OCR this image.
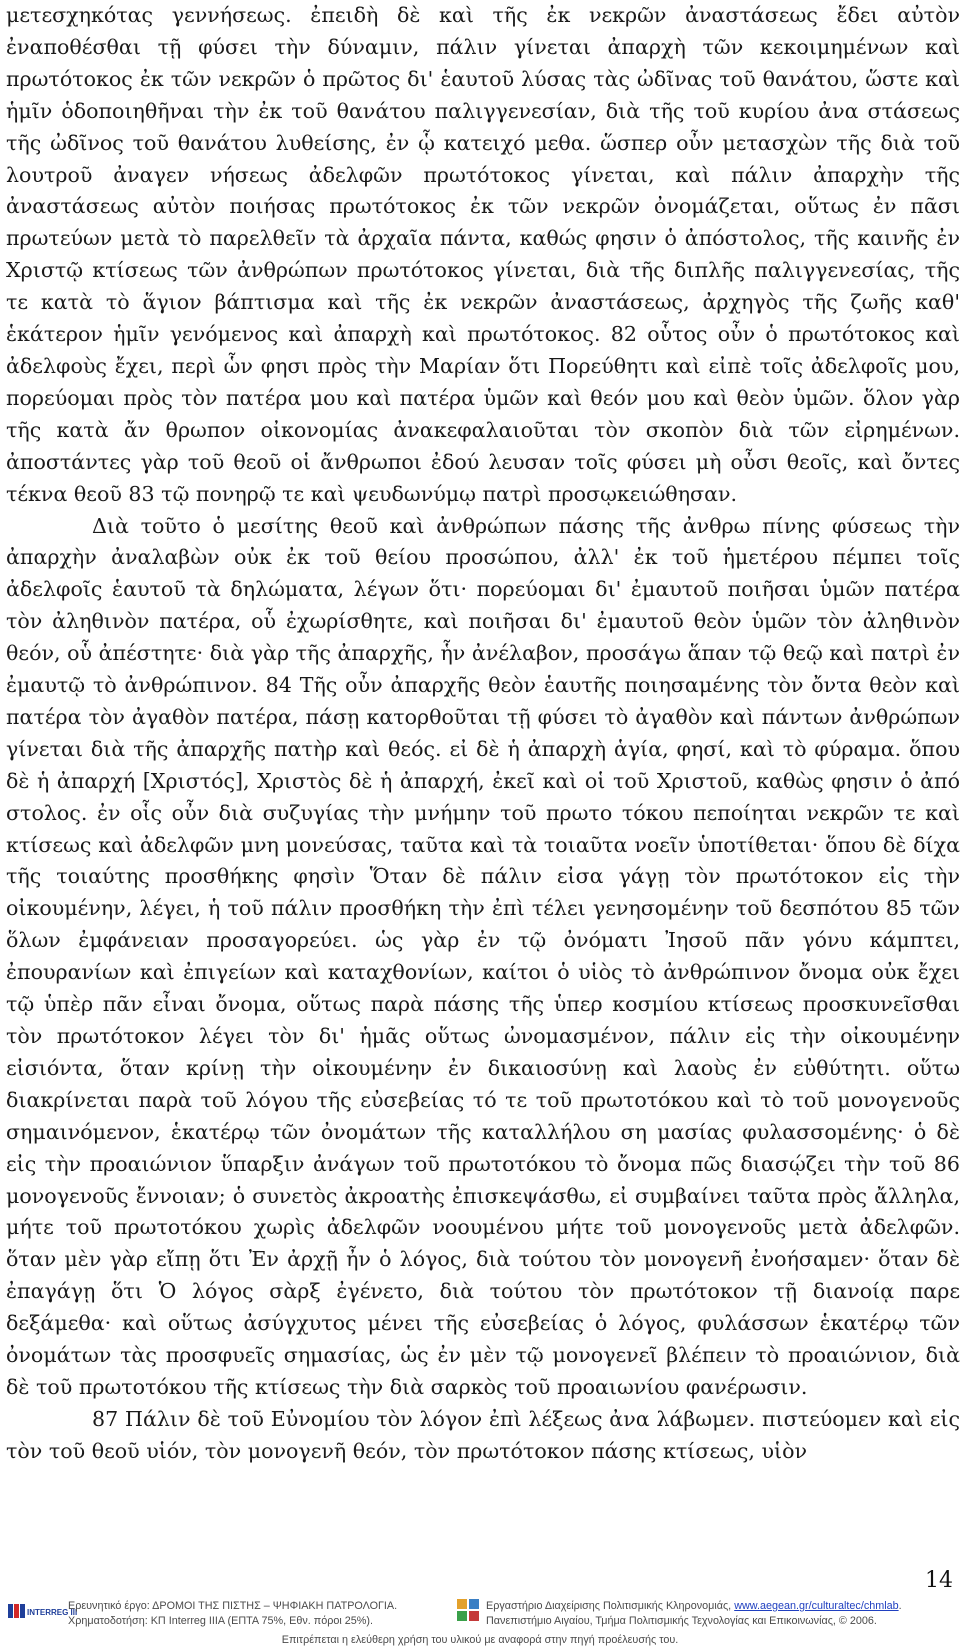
μετεσχηκότας γεννήσεως. ἐπειδὴ δὲ καὶ τῆς ἐκ νεκρῶν ἀναστάσεως ἔδει αὐτὸν ἐναποθέσθαι τῇ φύσει τὴν δύναμιν, πάλιν γίνεται ἀπαρχὴ τῶν κεκοιμημένων καὶ πρωτότοκος ἐκ τῶν νεκρῶν ὁ πρῶτος δι' ἑαυτοῦ λύσας τὰς ὠδῖνας τοῦ θανάτου, ὥστε καὶ ἡμῖν ὁδοποιηθῆναι τὴν ἐκ τοῦ θανάτου παλιγγενεσίαν, διὰ τῆς τοῦ κυρίου ἀνα στάσεως τῆς ὠδῖνος τοῦ θανάτου λυθείσης, ἐν ᾧ κατειχό μεθα. ὥσπερ οὖν μετασχὼν τῆς διὰ τοῦ λουτροῦ ἀναγεν νήσεως ἀδελφῶν πρωτότοκος γίνεται, καὶ πάλιν ἀπαρχὴν τῆς ἀναστάσεως αὐτὸν ποιήσας πρωτότοκος ἐκ τῶν νεκρῶν ὀνομάζεται, οὕτως ἐν πᾶσι πρωτεύων μετὰ τὸ παρελθεῖν τὰ ἀρχαῖα πάντα, καθώς φησιν ὁ ἀπόστολος, τῆς καινῆς ἐν Χριστῷ κτίσεως τῶν ἀνθρώπων πρωτότοκος γίνεται, διὰ τῆς διπλῆς παλιγγενεσίας, τῆς τε κατὰ τὸ ἅγιον βάπτισμα καὶ τῆς ἐκ νεκρῶν ἀναστάσεως, ἀρχηγὸς τῆς ζωῆς καθ' ἑκάτερον ἡμῖν γενόμενος καὶ ἀπαρχὴ καὶ πρωτότοκος. 82 οὗτος οὖν ὁ πρωτότοκος καὶ ἀδελφοὺς ἔχει, περὶ ὧν φησι πρὸς τὴν Μαρίαν ὅτι Πορεύθητι καὶ εἰπὲ τοῖς ἀδελφοῖς μου, πορεύομαι πρὸς τὸν πατέρα μου καὶ πατέρα ὑμῶν καὶ θεόν μου καὶ θεὸν ὑμῶν. ὅλον γὰρ τῆς κατὰ ἄν θρωπον οἰκονομίας ἀνακεφαλαιοῦται τὸν σκοπὸν διὰ τῶν εἰρημένων. ἀποστάντες γὰρ τοῦ θεοῦ οἱ ἄνθρωποι ἐδού λευσαν τοῖς φύσει μὴ οὖσι θεοῖς, καὶ ὄντες τέκνα θεοῦ 83 τῷ πονηρῷ τε καὶ ψευδωνύμῳ πατρὶ προσῳκειώθησαν.

Διὰ τοῦτο ὁ μεσίτης θεοῦ καὶ ἀνθρώπων πάσης τῆς ἀνθρω πίνης φύσεως τὴν ἀπαρχὴν ἀναλαβὼν οὐκ ἐκ τοῦ θείου προσώπου, ἀλλ' ἐκ τοῦ ἡμετέρου πέμπει τοῖς ἀδελφοῖς ἑαυτοῦ τὰ δηλώματα, λέγων ὅτι· πορεύομαι δι' ἐμαυτοῦ ποιῆσαι ὑμῶν πατέρα τὸν ἀληθινὸν πατέρα, οὗ ἐχωρίσθητε, καὶ ποιῆσαι δι' ἐμαυτοῦ θεὸν ὑμῶν τὸν ἀληθινὸν θεόν, οὗ ἀπέστητε· διὰ γὰρ τῆς ἀπαρχῆς, ἧν ἀνέλαβον, προσάγω ἅπαν τῷ θεῷ καὶ πατρὶ ἐν ἐμαυτῷ τὸ ἀνθρώπινον. 84 Τῆς οὖν ἀπαρχῆς θεὸν ἑαυτῆς ποιησαμένης τὸν ὄντα θεὸν καὶ πατέρα τὸν ἀγαθὸν πατέρα, πάσῃ κατορθοῦται τῇ φύσει τὸ ἀγαθὸν καὶ πάντων ἀνθρώπων γίνεται διὰ τῆς ἀπαρχῆς πατὴρ καὶ θεός. εἰ δὲ ἡ ἀπαρχὴ ἁγία, φησί, καὶ τὸ φύραμα. ὅπου δὲ ἡ ἀπαρχή [Χριστός], Χριστὸς δὲ ἡ ἀπαρχή, ἐκεῖ καὶ οἱ τοῦ Χριστοῦ, καθὼς φησιν ὁ ἀπό στολος. ἐν οἷς οὖν διὰ συζυγίας τὴν μνήμην τοῦ πρωτο τόκου πεποίηται νεκρῶν τε καὶ κτίσεως καὶ ἀδελφῶν μνη μονεύσας, ταῦτα καὶ τὰ τοιαῦτα νοεῖν ὑποτίθεται· ὅπου δὲ δίχα τῆς τοιαύτης προσθήκης φησὶν Ὅταν δὲ πάλιν εἰσα γάγῃ τὸν πρωτότοκον εἰς τὴν οἰκουμένην, λέγει, ἡ τοῦ πάλιν προσθήκη τὴν ἐπὶ τέλει γενησομένην τοῦ δεσπότου 85 τῶν ὅλων ἐμφάνειαν προσαγορεύει. ὡς γὰρ ἐν τῷ ὀνόματι Ἰησοῦ πᾶν γόνυ κάμπτει, ἐπουρανίων καὶ ἐπιγείων καὶ καταχθονίων, καίτοι ὁ υἱὸς τὸ ἀνθρώπινον ὄνομα οὐκ ἔχει τῷ ὑπὲρ πᾶν εἶναι ὄνομα, οὕτως παρὰ πάσης τῆς ὑπερ κοσμίου κτίσεως προσκυνεῖσθαι τὸν πρωτότοκον λέγει τὸν δι' ἡμᾶς οὕτως ὠνομασμένον, πάλιν εἰς τὴν οἰκουμένην εἰσιόντα, ὅταν κρίνῃ τὴν οἰκουμένην ἐν δικαιοσύνῃ καὶ λαοὺς ἐν εὐθύτητι. οὕτω διακρίνεται παρὰ τοῦ λόγου τῆς εὐσεβείας τό τε τοῦ πρωτοτόκου καὶ τὸ τοῦ μονογενοῦς σημαινόμενον, ἑκατέρῳ τῶν ὀνομάτων τῆς καταλλήλου ση μασίας φυλασσομένης· ὁ δὲ εἰς τὴν προαιώνιον ὕπαρξιν ἀνάγων τοῦ πρωτοτόκου τὸ ὄνομα πῶς διασῴζει τὴν τοῦ 86 μονογενοῦς ἔννοιαν; ὁ συνετὸς ἀκροατὴς ἐπισκεψάσθω, εἰ συμβαίνει ταῦτα πρὸς ἄλληλα, μήτε τοῦ πρωτοτόκου χωρὶς ἀδελφῶν νοουμένου μήτε τοῦ μονογενοῦς μετὰ ἀδελφῶν. ὅταν μὲν γὰρ εἴπῃ ὅτι Ἐν ἀρχῇ ἦν ὁ λόγος, διὰ τούτου τὸν μονογενῆ ἐνοήσαμεν· ὅταν δὲ ἐπαγάγῃ ὅτι Ὁ λόγος σὰρξ ἐγένετο, διὰ τούτου τὸν πρωτότοκον τῇ διανοίᾳ παρε δεξάμεθα· καὶ οὕτως ἀσύγχυτος μένει τῆς εὐσεβείας ὁ λόγος, φυλάσσων ἑκατέρῳ τῶν ὀνομάτων τὰς προσφυεῖς σημασίας, ὡς ἐν μὲν τῷ μονογενεῖ βλέπειν τὸ προαιώνιον, διὰ δὲ τοῦ πρωτοτόκου τῆς κτίσεως τὴν διὰ σαρκὸς τοῦ προαιωνίου φανέρωσιν.

87 Πάλιν δὲ τοῦ Εὐνομίου τὸν λόγον ἐπὶ λέξεως ἀνα λάβωμεν. πιστεύομεν καὶ εἰς τὸν τοῦ θεοῦ υἱόν, τὸν μονογενῆ θεόν, τὸν πρωτότοκον πάσης κτίσεως, υἱὸν

14
INTERREG III
Ερευνητικό έργο: ΔΡΟΜΟΙ ΤΗΣ ΠΙΣΤΗΣ – ΨΗΦΙΑΚΗ ΠΑΤΡΟΛΟΓΙΑ.
Χρηματοδοτήση: ΚΠ Interreg IIIA (ΕΠΤΑ 75%, Εθν. πόροι 25%).
Εργαστήριο Διαχείρισης Πολιτισμικής Κληρονομιάς, www.aegean.gr/culturaltec/chmlab.
Πανεπιστήμιο Αιγαίου, Τμήμα Πολιτισμικής Τεχνολογίας και Επικοινωνίας, © 2006.
Επιτρέπεται η ελεύθερη χρήση του υλικού με αναφορά στην πηγή προέλευσής του.
